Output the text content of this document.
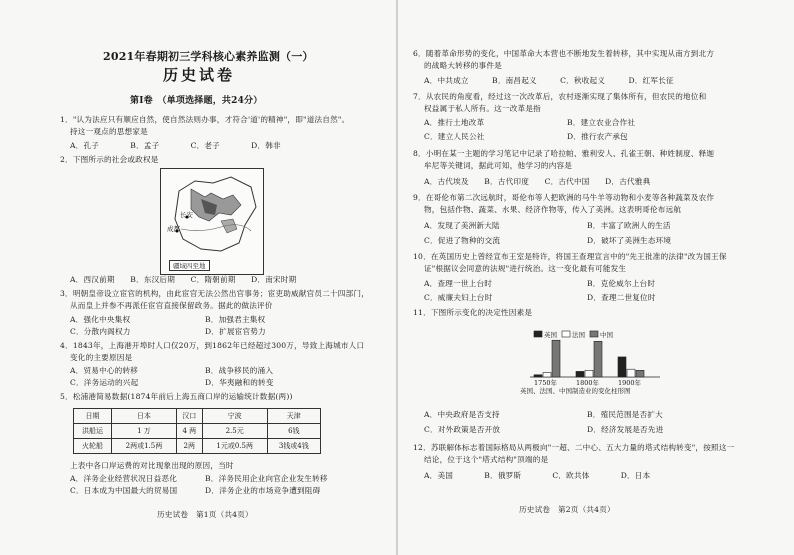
2021年春期初三学科核心素养监测（一）
历史试卷
第Ⅰ卷　（单项选择题，共24分）
1．"认为法应只有顺应自然，使自然法则办事，才符合'道'的精神"，即"道法自然"。
持这一观点的思想家是
A．孔子　　　　B．孟子　　　　C．老子　　　　D．韩非
2．下图所示的社会或政权是
长安
成都
疆域四至地
A．西汉前期　　B．东汉后期　　C．隋朝前期　　D．南宋时期
3．明朝皇帝设立宦官的机构，由此宦官无法公然出官事务；宦吏助威献官员二十四部门，
从而皇上并参不再派任宦官直接保留政务。据此的做法评价
A．强化中央集权	B．加强君主集权
C．分散内阁权力	D．扩展宦官势力
4．1843年，上海港开埠时人口仅20万，到1862年已经超过300万，导致上海城市人口
变化的主要原因是
A．贸易中心的转移	B．战争移民的涌入
C．洋务运动的兴起	D．华夷融和的转变
5．松浦港简易数据(1874年前后上海五商口岸的运输统计数据(两))
日期	日本	汉口	宁波	天津
洪船运	1 万	4 两	2.5元	6钱
火轮船	2两或1.5两	2两	1元或0.5两	3钱或4钱
上表中各口岸运费的对比现象出现的原因，当时
A．洋务企业经营状况日益恶化	B．洋务民用企业向官企业发生转移
C．日本成为中国最大的贸易国	D．洋务企业的市场竞争遭到阻碍
历史试卷　第1页（共4页）
6．随着革命形势的变化，中国革命大本营也不断地发生着转移，其中实现从南方到北方
的战略大转移的事件是
A．中共成立　　　B．南昌起义　　　C．秋收起义　　　D．红军长征
7．从农民的角度看，经过这一次改革后，农村逐渐实现了集体所有，但农民的地位和
权益属于私人所有。这一改革是指
A．推行土地改革	B．建立农业合作社
C．建立人民公社	D．推行农产承包
8．小明在某一主题的学习笔记中记录了哈拉帕、雅利安人、孔雀王朝、种姓制度、释迦
牟尼等关键词，据此可知，他学习的内容是
A．古代埃及　　B．古代印度　　C．古代中国　　D．古代雅典
9．在哥伦布第二次远航时，哥伦布等人把欧洲的马牛羊等动物和小麦等各种蔬菜及农作
物，包括作物、蔬菜、水果、经济作物等，传入了美洲。这表明哥伦布远航
A．发现了美洲新大陆	B．丰富了欧洲人的生活
C．促进了物种的交流	D．破坏了美洲生态环境
10．在英国历史上曾经宣布王室是特许，将国王查理宣言中的"先王批准的法律"改为国王保
证"根据议会同意的法规"进行统治。这一变化最有可能发生
A．查理一世上台时	B．克伦威尔上台时
C．威廉夫妇上台时	D．查理二世复位时
11．下图所示变化的决定性因素是
A．中央政府是否支持	B．殖民范围是否扩大
C．对外政策是否开放	D．经济发展是否先进
12．苏联解体标志着国际格局从两极向"一超、二中心、五大力量的塔式结构转变"，按照这一
结论，位于这个"塔式结构"顶端的是
A．美国　　　　B．俄罗斯　　　　C．欧共体　　　　D．日本
历史试卷　第2页（共4页）
英国 法国 中国
1750年	1800年	1900年
英国、法国、中国制造业的变化柱形图
